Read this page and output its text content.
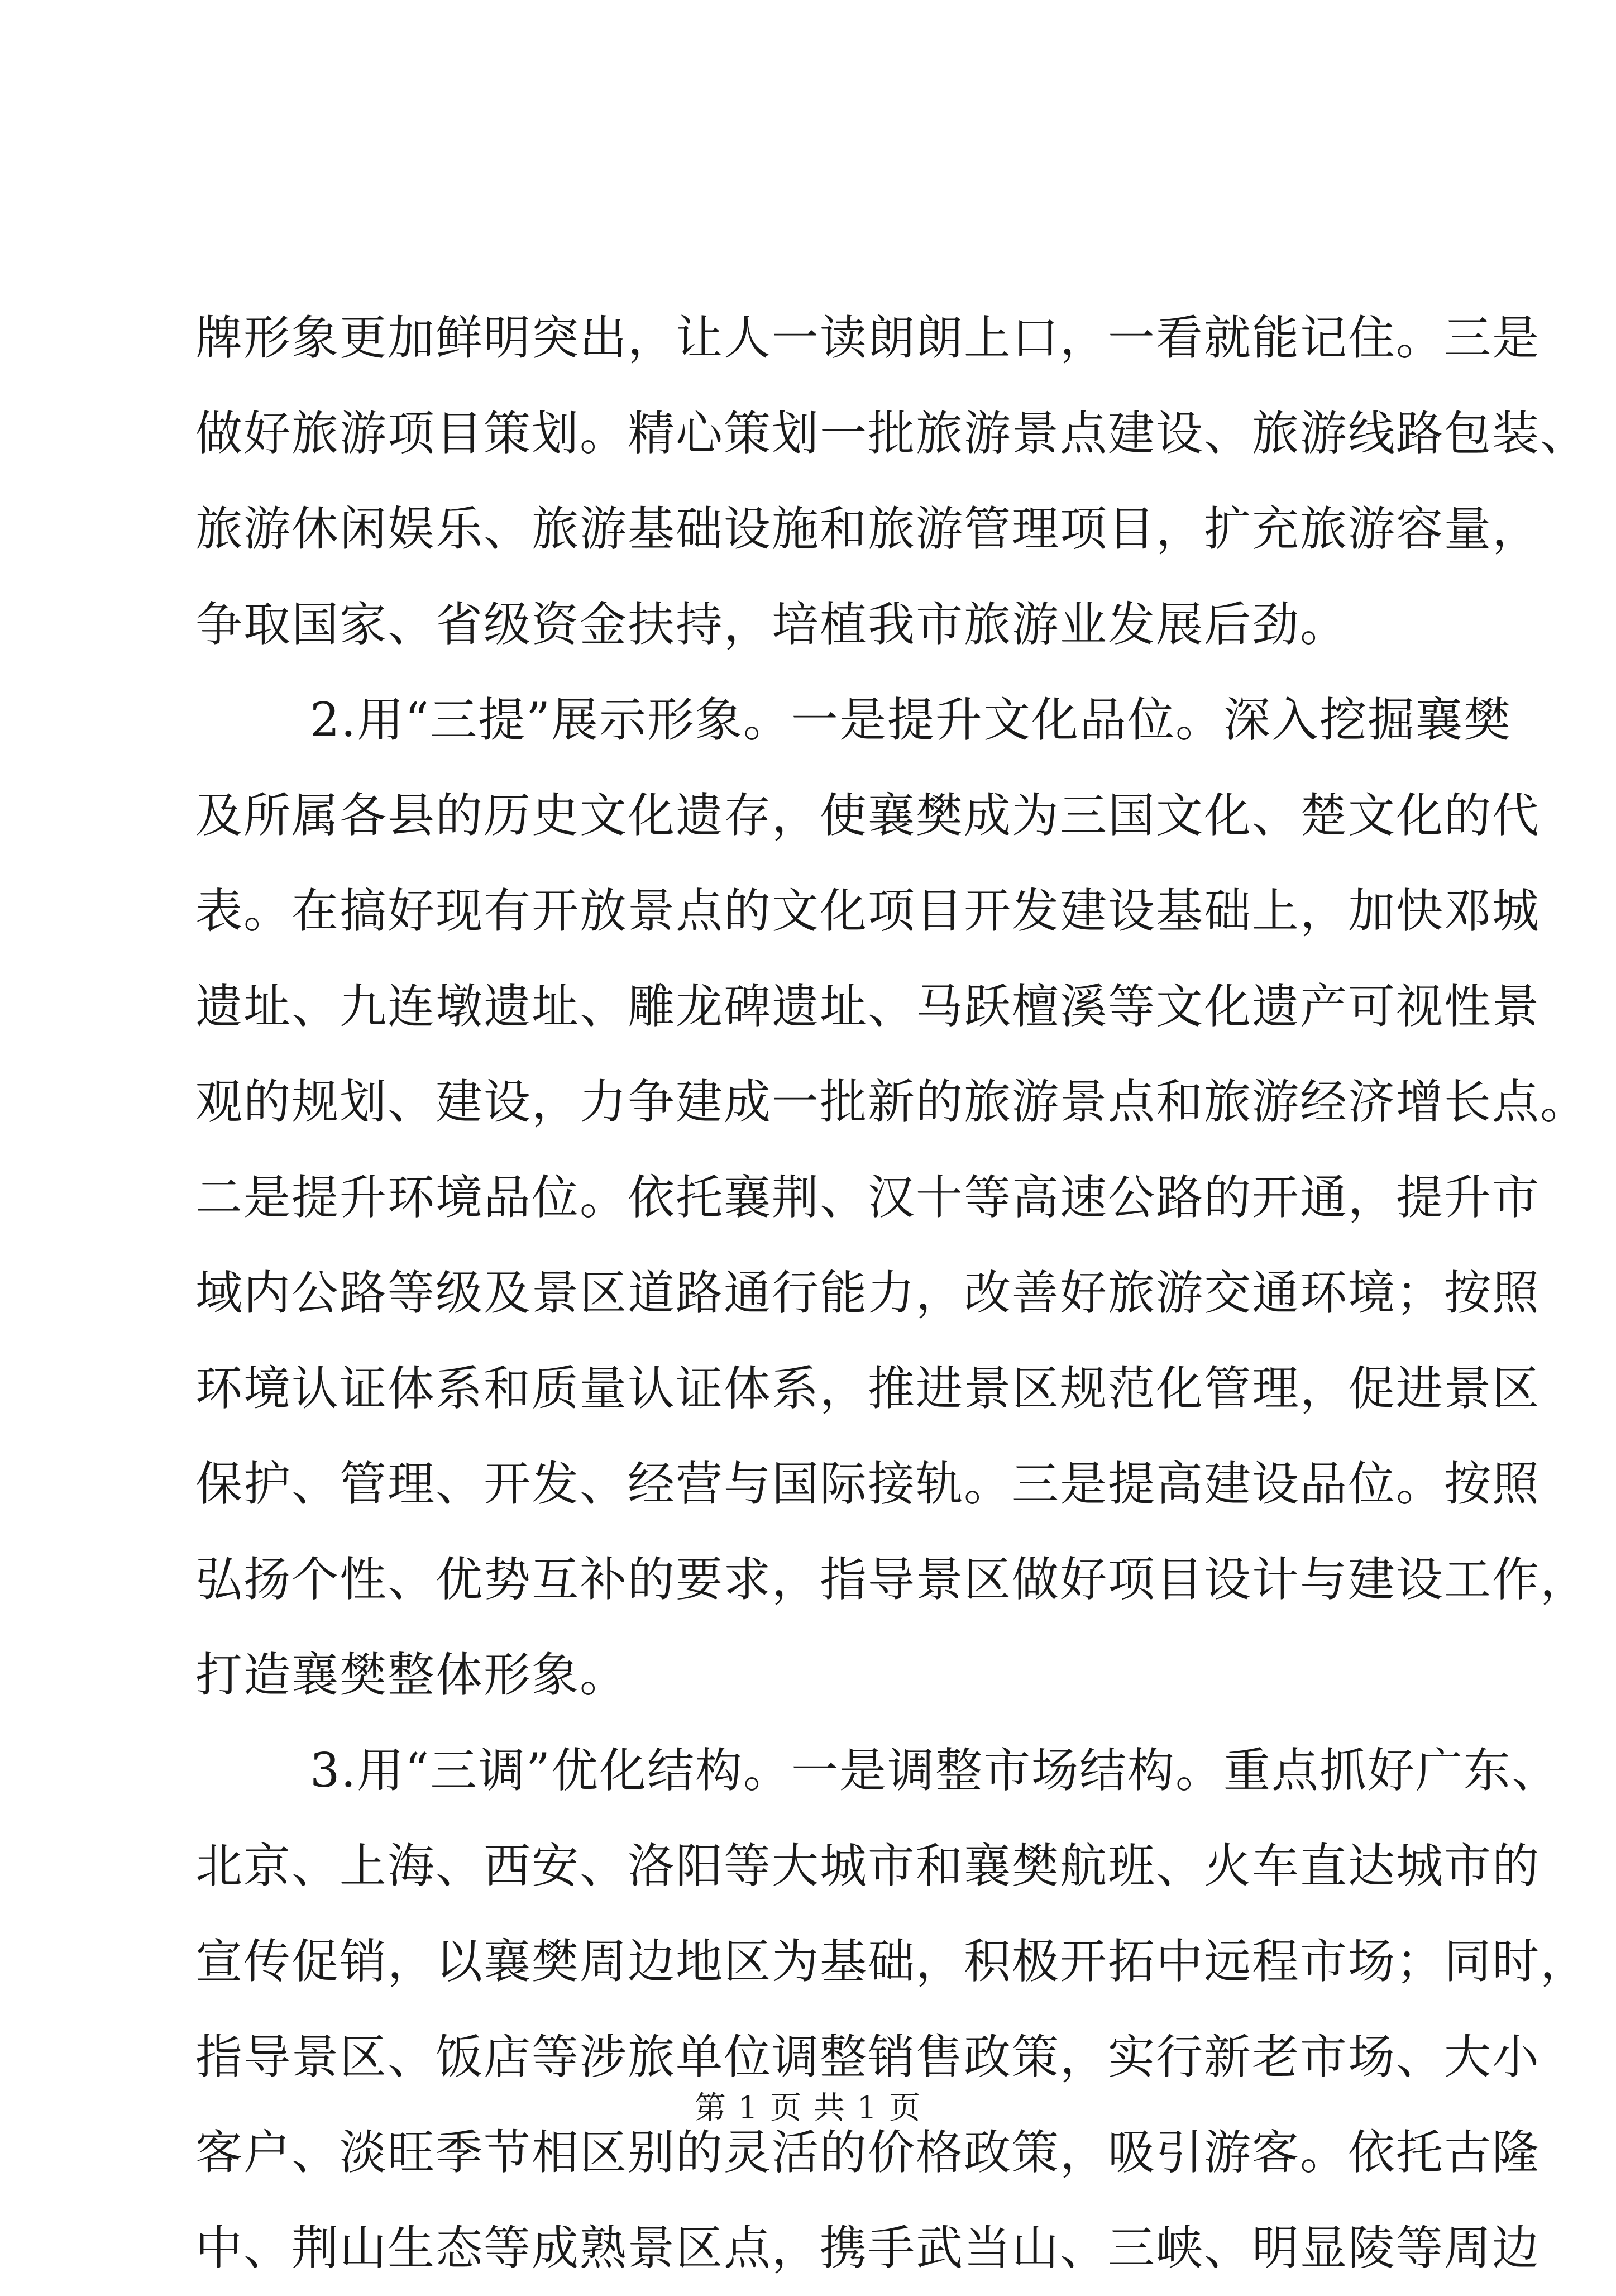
牌形象更加鲜明突出，让人一读朗朗上口，一看就能记住。三是
做好旅游项目策划。精心策划一批旅游景点建设、旅游线路包装、
旅游休闲娱乐、旅游基础设施和旅游管理项目，扩充旅游容量，
争取国家、省级资金扶持，培植我市旅游业发展后劲。
2.用“三提”展示形象。一是提升文化品位。深入挖掘襄樊
及所属各县的历史文化遗存，使襄樊成为三国文化、楚文化的代
表。在搞好现有开放景点的文化项目开发建设基础上，加快邓城
遗址、九连墩遗址、雕龙碑遗址、马跃檀溪等文化遗产可视性景
观的规划、建设，力争建成一批新的旅游景点和旅游经济增长点。
二是提升环境品位。依托襄荆、汉十等高速公路的开通，提升市
域内公路等级及景区道路通行能力，改善好旅游交通环境；按照
环境认证体系和质量认证体系，推进景区规范化管理，促进景区
保护、管理、开发、经营与国际接轨。三是提高建设品位。按照
弘扬个性、优势互补的要求，指导景区做好项目设计与建设工作，
打造襄樊整体形象。
3.用“三调”优化结构。一是调整市场结构。重点抓好广东、
北京、上海、西安、洛阳等大城市和襄樊航班、火车直达城市的
宣传促销，以襄樊周边地区为基础，积极开拓中远程市场；同时，
指导景区、饭店等涉旅单位调整销售政策，实行新老市场、大小
客户、淡旺季节相区别的灵活的价格政策，吸引游客。依托古隆
中、荆山生态等成熟景区点，携手武当山、三峡、明显陵等周边
第 1 页 共 1 页
